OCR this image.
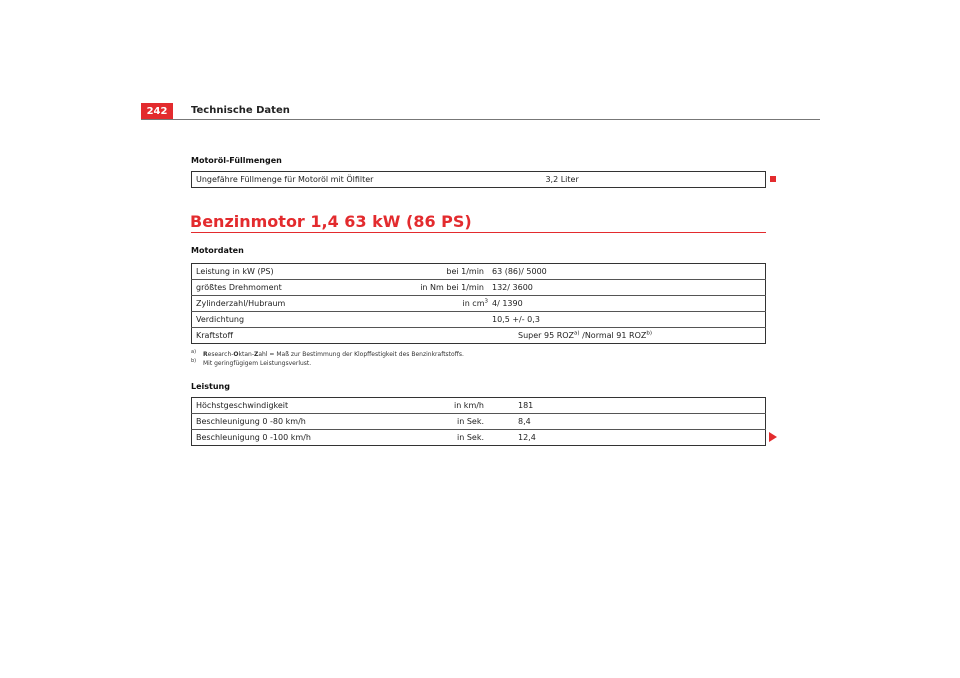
242	Technische Daten
Motoröl-Füllmengen
Ungefähre Füllmenge für Motoröl mit Ölfilter		3,2 Liter
Benzinmotor 1,4 63 kW (86 PS)
Motordaten
Leistung in kW (PS)	bei 1/min	63 (86)/ 5000
größtes Drehmoment	in Nm bei 1/min	132/ 3600
Zylinderzahl/Hubraum	in $cm^3$	4/ 1390
Verdichtung		10,5 +/- 0,3
Kraftstoff		Super 95 ROZ$^{a)}$ /Normal 91 ROZ$^{b)}$
a)	Research-Oktan-Zahl = Maß zur Bestimmung der Klopffestigkeit des Benzinkraftstoffs.
b)	Mit geringfügigem Leistungsverlust.
Leistung
Höchstgeschwindigkeit	in km/h	181
Beschleunigung 0 -80 km/h	in Sek.	8,4
Beschleunigung 0 -100 km/h	in Sek.	12,4
